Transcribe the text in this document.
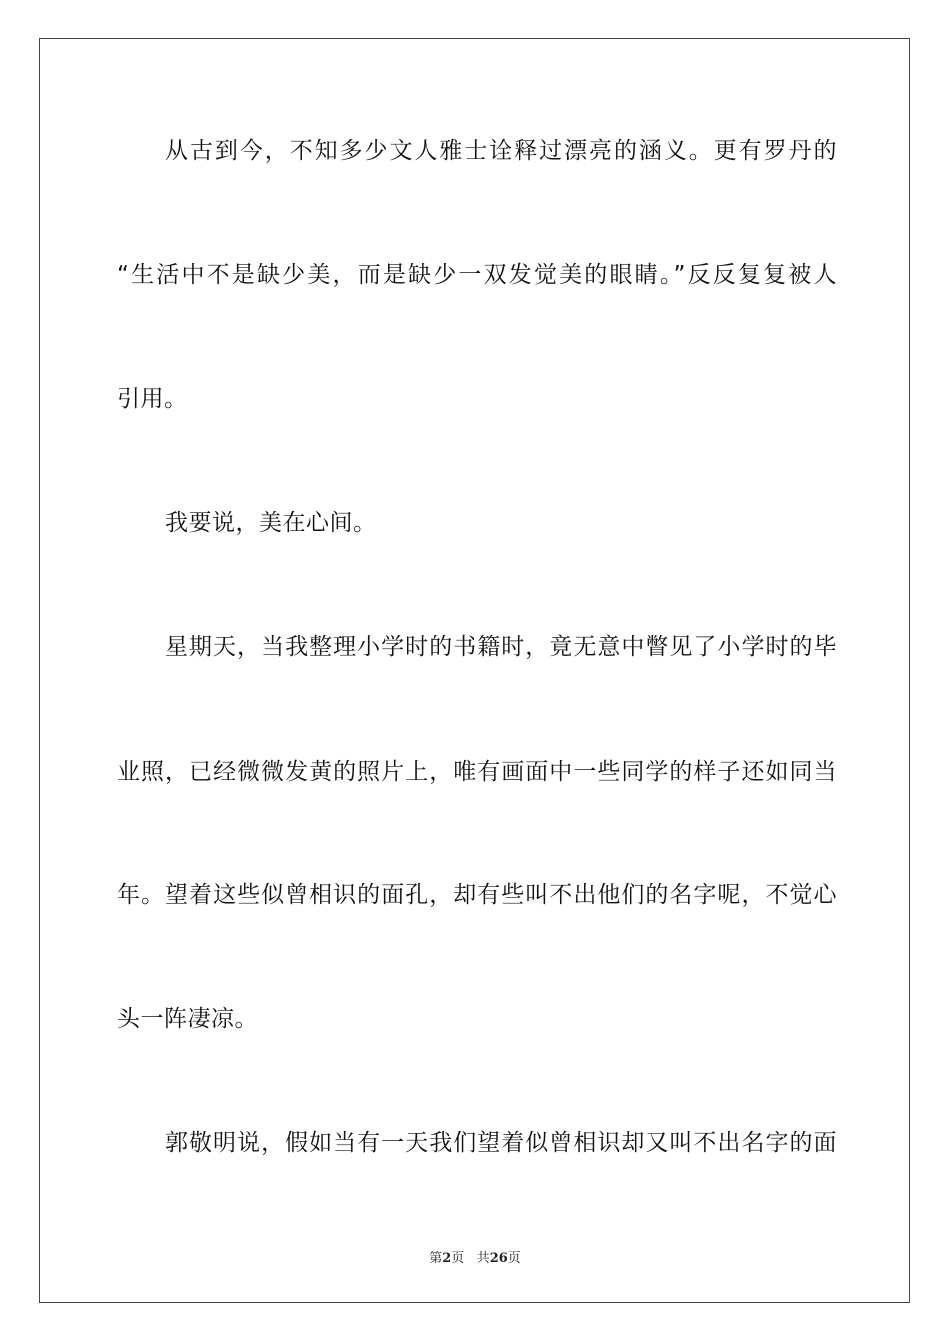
从古到今，不知多少文人雅士诠释过漂亮的涵义。更有罗丹的
“生活中不是缺少美，而是缺少一双发觉美的眼睛。”反反复复被人
引用。
我要说，美在心间。
星期天，当我整理小学时的书籍时，竟无意中瞥见了小学时的毕
业照，已经微微发黄的照片上，唯有画面中一些同学的样子还如同当
年。望着这些似曾相识的面孔，却有些叫不出他们的名字呢，不觉心
头一阵凄凉。
郭敬明说，假如当有一天我们望着似曾相识却又叫不出名字的面
第2页 共26页
